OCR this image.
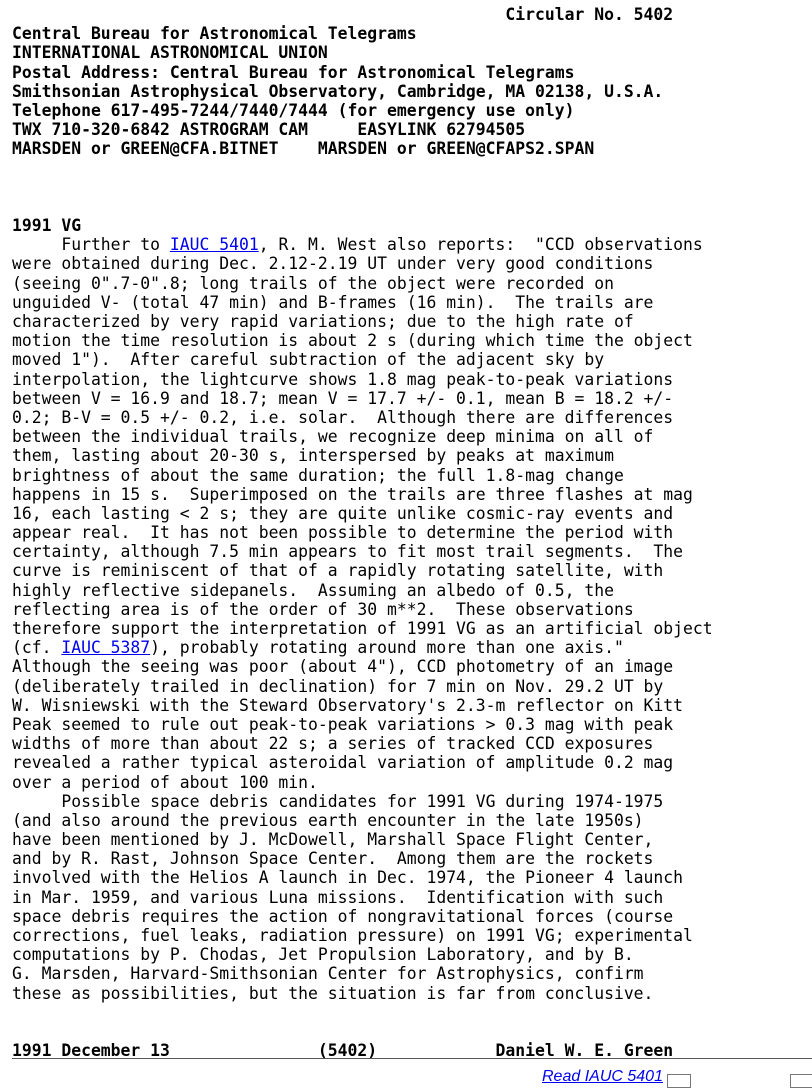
Circular No. 5402
Central Bureau for Astronomical Telegrams
INTERNATIONAL ASTRONOMICAL UNION
Postal Address: Central Bureau for Astronomical Telegrams
Smithsonian Astrophysical Observatory, Cambridge, MA 02138, U.S.A.
Telephone 617-495-7244/7440/7444 (for emergency use only)
TWX 710-320-6842 ASTROGRAM CAM     EASYLINK 62794505
MARSDEN or GREEN@CFA.BITNET    MARSDEN or GREEN@CFAPS2.SPAN
1991 VG
Further to IAUC 5401, R. M. West also reports:  "CCD observations
were obtained during Dec. 2.12-2.19 UT under very good conditions
(seeing 0".7-0".8; long trails of the object were recorded on
unguided V- (total 47 min) and B-frames (16 min).  The trails are
characterized by very rapid variations; due to the high rate of
motion the time resolution is about 2 s (during which time the object
moved 1").  After careful subtraction of the adjacent sky by
interpolation, the lightcurve shows 1.8 mag peak-to-peak variations
between V = 16.9 and 18.7; mean V = 17.7 +/- 0.1, mean B = 18.2 +/-
0.2; B-V = 0.5 +/- 0.2, i.e. solar.  Although there are differences
between the individual trails, we recognize deep minima on all of
them, lasting about 20-30 s, interspersed by peaks at maximum
brightness of about the same duration; the full 1.8-mag change
happens in 15 s.  Superimposed on the trails are three flashes at mag
16, each lasting < 2 s; they are quite unlike cosmic-ray events and
appear real.  It has not been possible to determine the period with
certainty, although 7.5 min appears to fit most trail segments.  The
curve is reminiscent of that of a rapidly rotating satellite, with
highly reflective sidepanels.  Assuming an albedo of 0.5, the
reflecting area is of the order of 30 m**2.  These observations
therefore support the interpretation of 1991 VG as an artificial object
(cf. IAUC 5387), probably rotating around more than one axis."
Although the seeing was poor (about 4"), CCD photometry of an image
(deliberately trailed in declination) for 7 min on Nov. 29.2 UT by
W. Wisniewski with the Steward Observatory's 2.3-m reflector on Kitt
Peak seemed to rule out peak-to-peak variations > 0.3 mag with peak
widths of more than about 22 s; a series of tracked CCD exposures
revealed a rather typical asteroidal variation of amplitude 0.2 mag
over a period of about 100 min.
Possible space debris candidates for 1991 VG during 1974-1975
(and also around the previous earth encounter in the late 1950s)
have been mentioned by J. McDowell, Marshall Space Flight Center,
and by R. Rast, Johnson Space Center.  Among them are the rockets
involved with the Helios A launch in Dec. 1974, the Pioneer 4 launch
in Mar. 1959, and various Luna missions.  Identification with such
space debris requires the action of nongravitational forces (course
corrections, fuel leaks, radiation pressure) on 1991 VG; experimental
computations by P. Chodas, Jet Propulsion Laboratory, and by B.
G. Marsden, Harvard-Smithsonian Center for Astrophysics, confirm
these as possibilities, but the situation is far from conclusive.
1991 December 13               (5402)            Daniel W. E. Green
Read IAUC 5401
